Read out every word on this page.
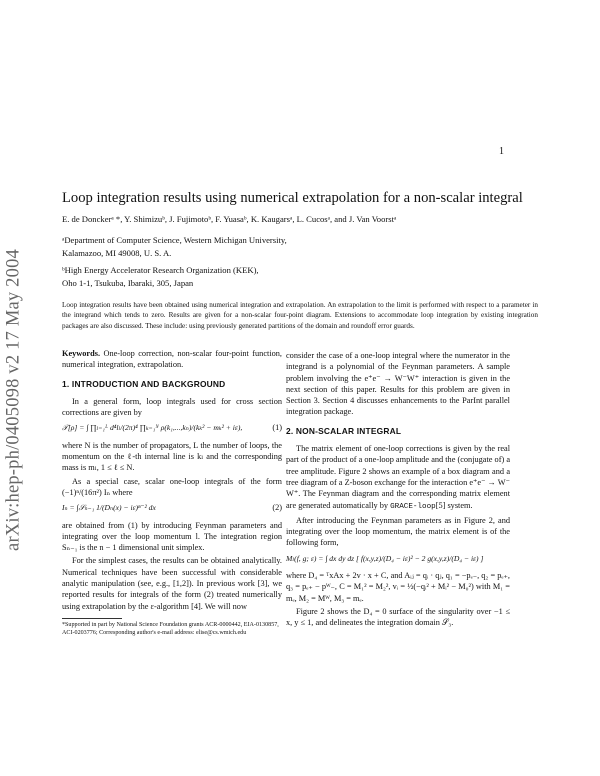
1
arXiv:hep-ph/0405098 v2 17 May 2004
Loop integration results using numerical extrapolation for a non-scalar integral
E. de Donckerᵃ *, Y. Shimizuᵇ, J. Fujimotoᵇ, F. Yuasaᵇ, K. Kaugarsᵃ, L. Cucosᵃ, and J. Van Voorstᵃ
ᵃDepartment of Computer Science, Western Michigan University,
Kalamazoo, MI 49008, U. S. A.
ᵇHigh Energy Accelerator Research Organization (KEK),
Oho 1-1, Tsukuba, Ibaraki, 305, Japan
Loop integration results have been obtained using numerical integration and extrapolation. An extrapolation to the limit is performed with respect to a parameter in the integrand which tends to zero. Results are given for a non-scalar four-point diagram. Extensions to accommodate loop integration by existing integration packages are also discussed. These include: using previously generated partitions of the domain and roundoff error guards.

Keywords. One-loop correction, non-scalar four-point function, numerical integration, extrapolation.

1. INTRODUCTION AND BACKGROUND

In a general form, loop integrals used for cross section corrections are given by

𝒯[ρ] = ∫ ∏ₗ₌₁ᴸ d⁴lₗ/(2π)⁴ ∏ₖ₌₁ᴺ ρ(k₁,...,kₙ)/(kₖ² − mₖ² + iε),	(1)

where N is the number of propagators, L the number of loops, the momentum on the ℓ-th internal line is kₗ and the corresponding mass is mₗ, 1 ≤ ℓ ≤ N.

As a special case, scalar one-loop integrals of the form (−1)ⁿ/(16π²) Iₙ where

Iₙ = ∫𝒮ₙ₋₁ 1/(Dₙ(x) − iε)ⁿ⁻² dx	(2)

are obtained from (1) by introducing Feynman parameters and integrating over the loop momentum l. The integration region Sₙ₋₁ is the n − 1 dimensional unit simplex.

For the simplest cases, the results can be obtained analytically. Numerical techniques have been successful with considerable analytic manipulation (see, e.g., [1,2]). In previous work [3], we reported results for integrals of the form (2) treated numerically using extrapolation by the ε-algorithm [4]. We will now

*Supported in part by National Science Foundation grants ACR-0000442, EIA-0130857, ACI-0203776; Corresponding author's e-mail address: elise@cs.wmich.edu

consider the case of a one-loop integral where the numerator in the integrand is a polynomial of the Feynman parameters. A sample problem involving the e⁺e⁻ → W⁻W⁺ interaction is given in the next section of this paper. Results for this problem are given in Section 3. Section 4 discusses enhancements to the ParInt parallel integration package.

2. NON-SCALAR INTEGRAL

The matrix element of one-loop corrections is given by the real part of the product of a one-loop amplitude and the (conjugate of) a tree amplitude. Figure 2 shows an example of a box diagram and a tree diagram of a Z-boson exchange for the interaction e⁺e⁻ → W⁻ W⁺. The Feynman diagram and the corresponding matrix element are generated automatically by GRACE-loop[5] system.

After introducing the Feynman parameters as in Figure 2, and integrating over the loop momentum, the matrix element is of the following form,

Mₗ(f, g; ε) = ∫ dx dy dz [ f(x,y,z)/(D₄ − iε)² − 2 g(x,y,z)/(D₄ − iε) ]

where D₄ = ᵀxAx + 2v · x + C, and Aᵢⱼ = qᵢ · qⱼ, q₁ = −pₑ₋, q₂ = pₑ₊, q₃ = pₑ₊ − pᵂ₋, C = M₁² = M₂², vᵢ = ½(−qᵢ² + Mᵢ² − M₀²) with M₁ = mₑ, M₂ = Mᵂ, M₃ = mₑ.

Figure 2 shows the D₄ = 0 surface of the singularity over −1 ≤ x, y ≤ 1, and delineates the integration domain 𝒮₃.
